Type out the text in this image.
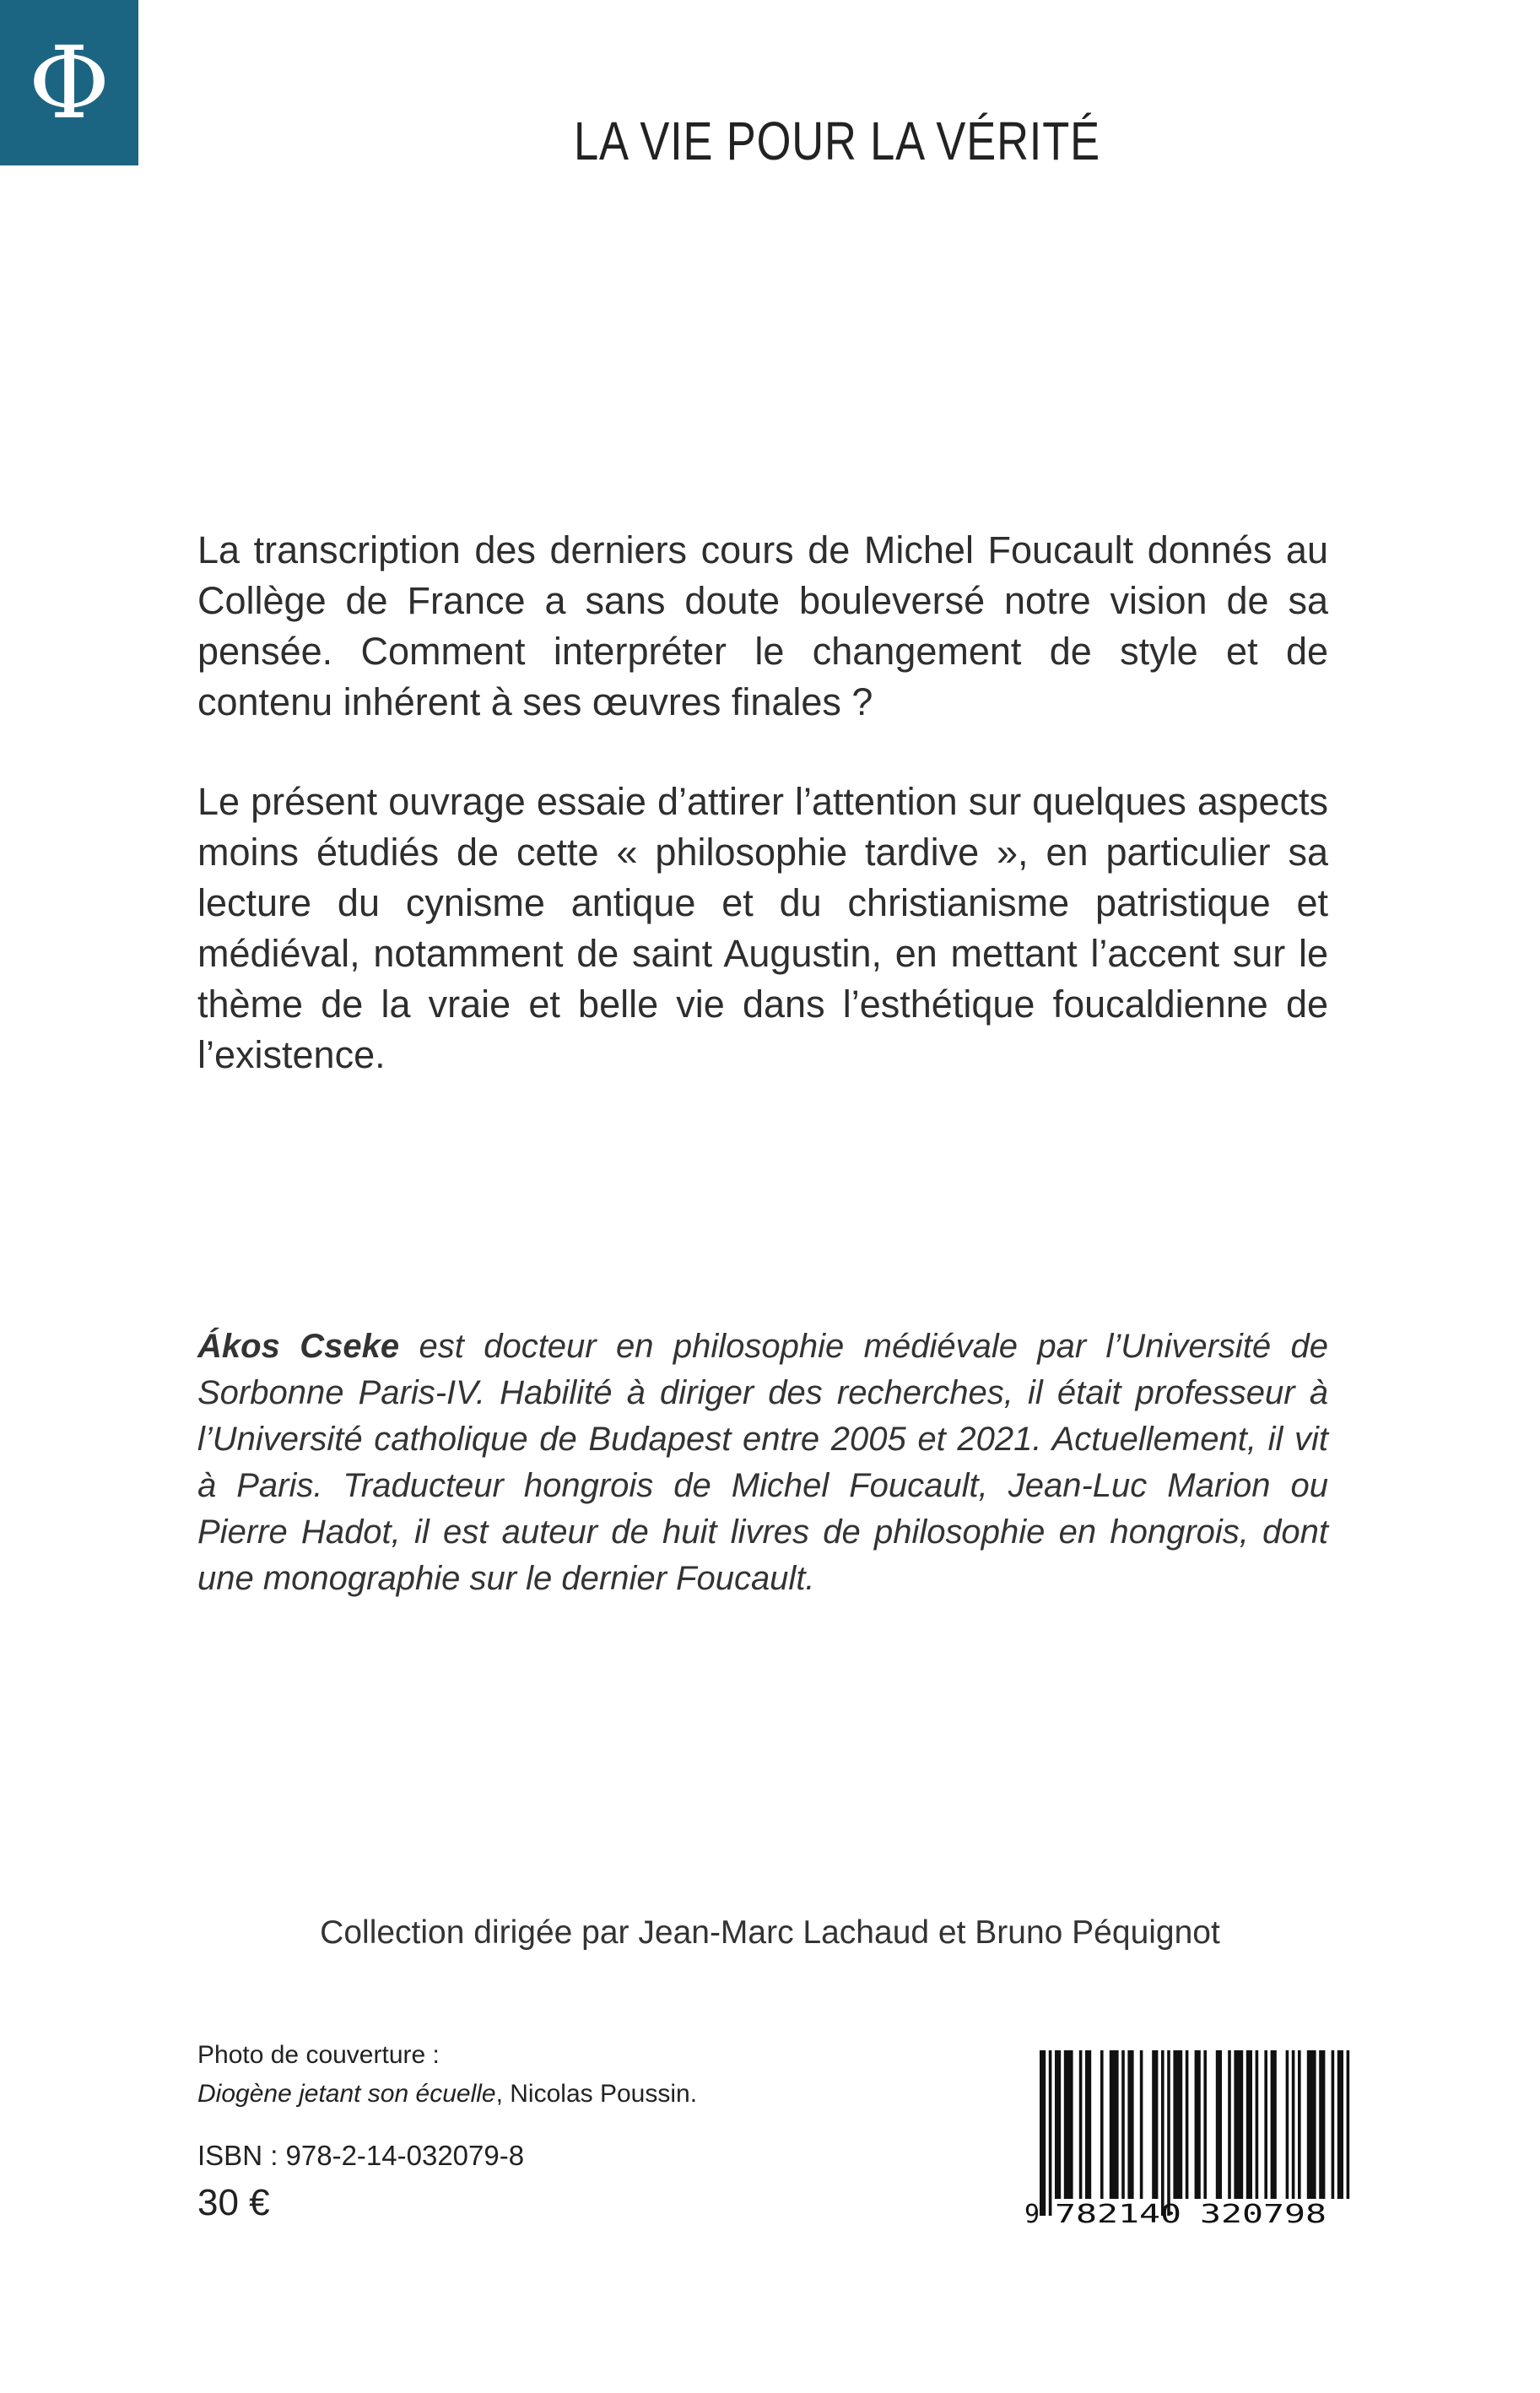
Φ	LA VIE POUR LA VÉRITÉ
La transcription des derniers cours de Michel Foucault donnés au Collège de France a sans doute bouleversé notre vision de sa pensée. Comment interpréter le changement de style et de contenu inhérent à ses œuvres finales ?
Le présent ouvrage essaie d’attirer l’attention sur quelques aspects moins étudiés de cette « philosophie tardive », en particulier sa lecture du cynisme antique et du christianisme patristique et médiéval, notamment de saint Augustin, en mettant l’accent sur le thème de la vraie et belle vie dans l’esthétique foucaldienne de l’existence.
Ákos Cseke est docteur en philosophie médiévale par l’Université de Sorbonne Paris-IV. Habilité à diriger des recherches, il était professeur à l’Université catholique de Budapest entre 2005 et 2021. Actuellement, il vit à Paris. Traducteur hongrois de Michel Foucault, Jean-Luc Marion ou Pierre Hadot, il est auteur de huit livres de philosophie en hongrois, dont une monographie sur le dernier Foucault.
Collection dirigée par Jean-Marc Lachaud et Bruno Péquignot
Photo de couverture :
Diogène jetant son écuelle, Nicolas Poussin.
ISBN : 978-2-14-032079-8
30 €	9 782140 320798
